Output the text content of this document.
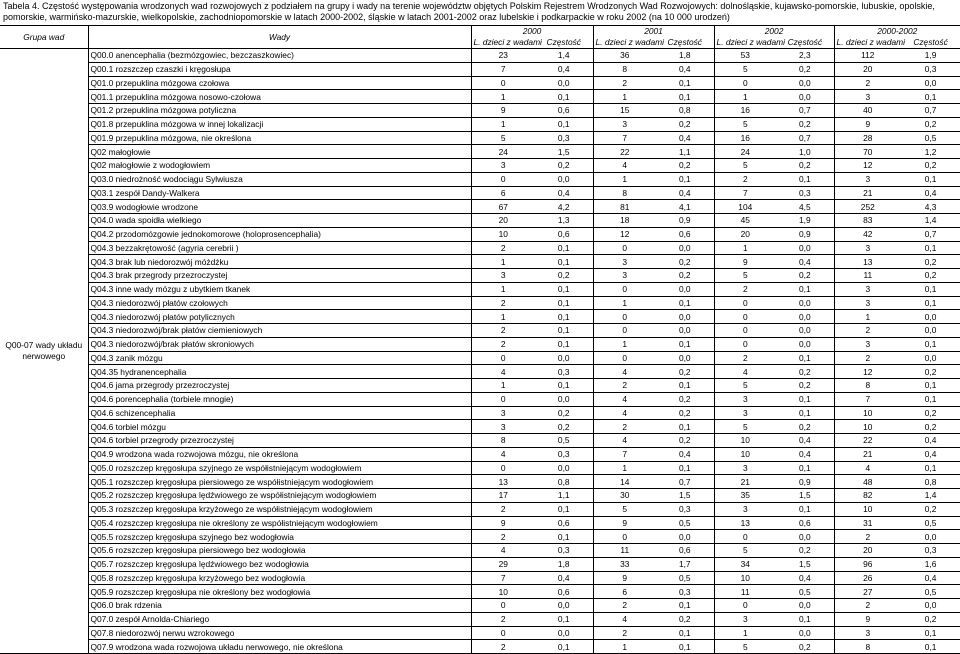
Tabela 4. Częstość występowania wrodzonych wad rozwojowych z podziałem na grupy i wady na terenie województw objętych Polskim Rejestrem Wrodzonych Wad Rozwojowych: dolnośląskie, kujawsko-pomorskie, lubuskie, opolskie, pomorskie, warmińsko-mazurskie, wielkopolskie, zachodniopomorskie w latach 2000-2002, śląskie w latach 2001-2002 oraz lubelskie i podkarpackie w roku 2002 (na 10 000 urodzeń)
Grupa wad	Wady	2000		2001		2002		2000-2002	
		L. dzieci z wadami	Częstość	L. dzieci z wadami	Częstość	L. dzieci z wadami	Częstość	L. dzieci z wadami	Częstość
Q00-07 wady układu nerwowego	Q00.0 anencephalia (bezmózgowiec, bezczaszkowiec)	23	1,4	36	1,8	53	2,3	112	1,9
	Q00.1 rozszczep czaszki i kręgosłupa	7	0,4	8	0,4	5	0,2	20	0,3
	Q01.0 przepuklina mózgowa czołowa	0	0,0	2	0,1	0	0,0	2	0,0
	Q01.1 przepuklina mózgowa nosowo-czołowa	1	0,1	1	0,1	1	0,0	3	0,1
	Q01.2 przepuklina mózgowa potyliczna	9	0,6	15	0,8	16	0,7	40	0,7
	Q01.8 przepuklina mózgowa w innej lokalizacji	1	0,1	3	0,2	5	0,2	9	0,2
	Q01.9 przepuklina mózgowa, nie określona	5	0,3	7	0,4	16	0,7	28	0,5
	Q02 małogłowie	24	1,5	22	1,1	24	1,0	70	1,2
	Q02 małogłowie z wodogłowiem	3	0,2	4	0,2	5	0,2	12	0,2
	Q03.0 niedrożność wodociągu Sylwiusza	0	0,0	1	0,1	2	0,1	3	0,1
	Q03.1 zespół Dandy-Walkera	6	0,4	8	0,4	7	0,3	21	0,4
	Q03.9 wodogłowie wrodzone	67	4,2	81	4,1	104	4,5	252	4,3
	Q04.0 wada spoidła wielkiego	20	1,3	18	0,9	45	1,9	83	1,4
	Q04.2 przodomózgowie jednokomorowe (holoprosencephalia)	10	0,6	12	0,6	20	0,9	42	0,7
	Q04.3 bezzakrętowość (agyria cerebrii )	2	0,1	0	0,0	1	0,0	3	0,1
	Q04.3 brak lub niedorozwój móżdżku	1	0,1	3	0,2	9	0,4	13	0,2
	Q04.3 brak przegrody przezroczystej	3	0,2	3	0,2	5	0,2	11	0,2
	Q04.3 inne wady mózgu z ubytkiem tkanek	1	0,1	0	0,0	2	0,1	3	0,1
	Q04.3 niedorozwój płatów czołowych	2	0,1	1	0,1	0	0,0	3	0,1
	Q04.3 niedorozwój płatów potylicznych	1	0,1	0	0,0	0	0,0	1	0,0
	Q04.3 niedorozwój/brak płatów ciemieniowych	2	0,1	0	0,0	0	0,0	2	0,0
	Q04.3 niedorozwój/brak płatów skroniowych	2	0,1	1	0,1	0	0,0	3	0,1
	Q04.3 zanik mózgu	0	0,0	0	0,0	2	0,1	2	0,0
	Q04.35 hydranencephalia	4	0,3	4	0,2	4	0,2	12	0,2
	Q04.6 jama przegrody przezroczystej	1	0,1	2	0,1	5	0,2	8	0,1
	Q04.6 porencephalia (torbiele mnogie)	0	0,0	4	0,2	3	0,1	7	0,1
	Q04.6 schizencephalia	3	0,2	4	0,2	3	0,1	10	0,2
	Q04.6 torbiel mózgu	3	0,2	2	0,1	5	0,2	10	0,2
	Q04.6 torbiel przegrody przezroczystej	8	0,5	4	0,2	10	0,4	22	0,4
	Q04.9 wrodzona wada rozwojowa mózgu, nie określona	4	0,3	7	0,4	10	0,4	21	0,4
	Q05.0 rozszczep kręgosłupa szyjnego ze współistniejącym wodogłowiem	0	0,0	1	0,1	3	0,1	4	0,1
	Q05.1 rozszczep kręgosłupa piersiowego ze współistniejącym wodogłowiem	13	0,8	14	0,7	21	0,9	48	0,8
	Q05.2 rozszczep kręgosłupa lędźwiowego ze współistniejącym wodogłowiem	17	1,1	30	1,5	35	1,5	82	1,4
	Q05.3 rozszczep kręgosłupa krzyżowego ze współistniejącym wodogłowiem	2	0,1	5	0,3	3	0,1	10	0,2
	Q05.4 rozszczep kręgosłupa nie określony ze współistniejącym wodogłowiem	9	0,6	9	0,5	13	0,6	31	0,5
	Q05.5 rozszczep kręgosłupa szyjnego bez wodogłowia	2	0,1	0	0,0	0	0,0	2	0,0
	Q05.6 rozszczep kręgosłupa piersiowego bez wodogłowia	4	0,3	11	0,6	5	0,2	20	0,3
	Q05.7 rozszczep kręgosłupa lędźwiowego bez wodogłowia	29	1,8	33	1,7	34	1,5	96	1,6
	Q05.8 rozszczep kręgosłupa krzyżowego bez wodogłowia	7	0,4	9	0,5	10	0,4	26	0,4
	Q05.9 rozszczep kręgosłupa nie określony bez wodogłowia	10	0,6	6	0,3	11	0,5	27	0,5
	Q06.0 brak rdzenia	0	0,0	2	0,1	0	0,0	2	0,0
	Q07.0 zespół Arnolda-Chiariego	2	0,1	4	0,2	3	0,1	9	0,2
	Q07.8 niedorozwój nerwu wzrokowego	0	0,0	2	0,1	1	0,0	3	0,1
	Q07.9 wrodzona wada rozwojowa układu nerwowego, nie określona	2	0,1	1	0,1	5	0,2	8	0,1
